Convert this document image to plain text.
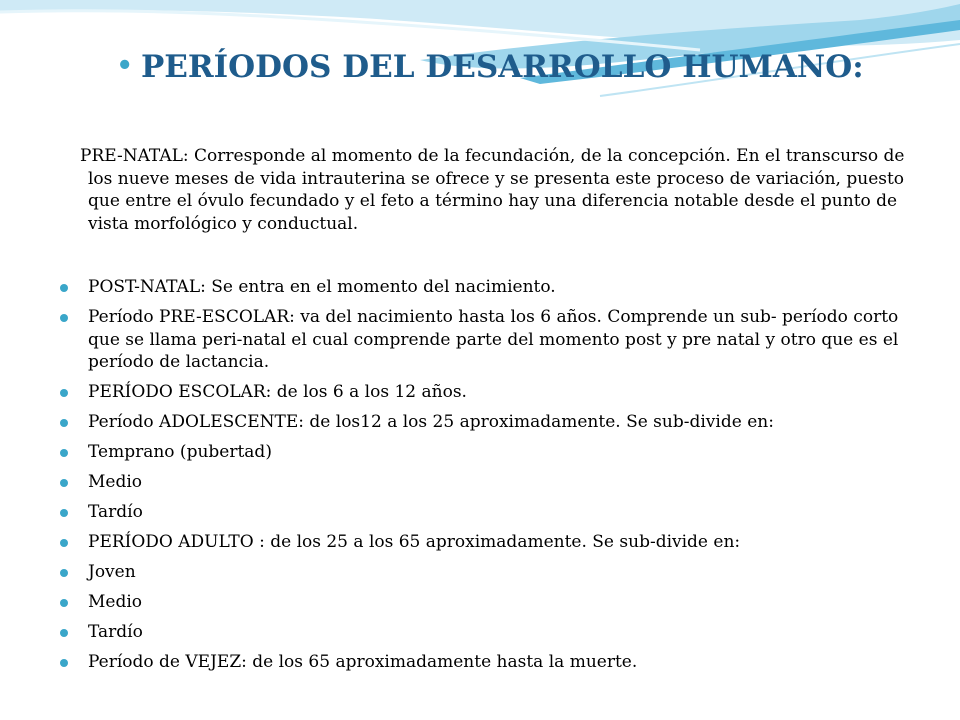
• PERÍODOS DEL DESARROLLO HUMANO:
PRE-NATAL: Corresponde al momento de la fecundación, de la concepción. En el transcurso de los nueve meses de vida intrauterina se ofrece y se presenta este proceso de variación, puesto que entre el óvulo fecundado y el feto a término hay una diferencia notable desde el punto de vista morfológico y conductual.
POST-NATAL: Se entra en el momento del nacimiento.
Período PRE-ESCOLAR: va del nacimiento hasta los 6 años. Comprende un sub- período corto que se llama peri-natal el cual comprende parte del momento post y pre natal y otro que es el período de lactancia.
PERÍODO ESCOLAR: de los 6 a los 12 años.
Período ADOLESCENTE: de los12 a los 25 aproximadamente. Se sub-divide en:
Temprano (pubertad)
Medio
Tardío
PERÍODO ADULTO : de los 25 a los 65 aproximadamente. Se sub-divide en:
Joven
Medio
Tardío
Período de VEJEZ: de los 65 aproximadamente hasta la muerte.
